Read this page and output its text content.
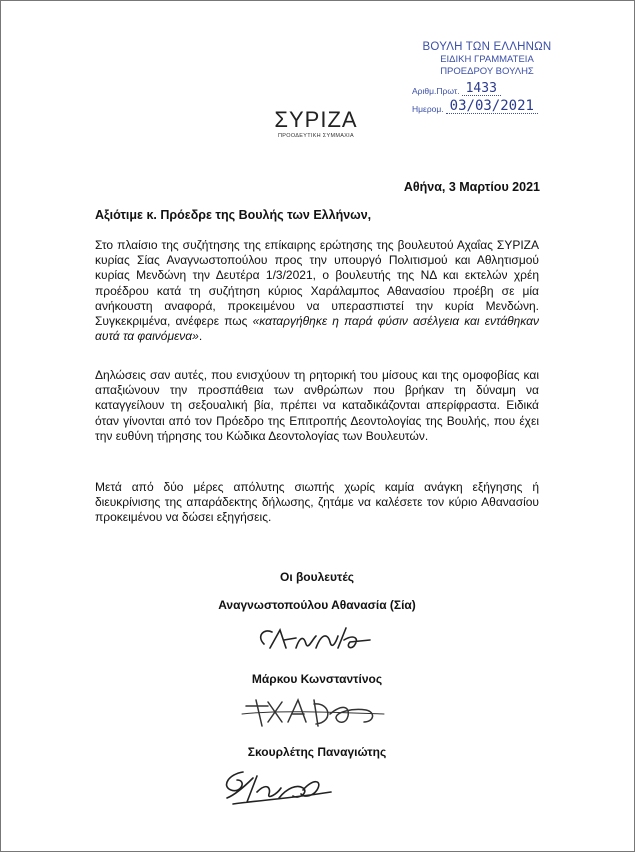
ΒΟΥΛΗ ΤΩΝ ΕΛΛΗΝΩΝ
ΕΙΔΙΚΗ ΓΡΑΜΜΑΤΕΙΑ
ΠΡΟΕΔΡΟΥ ΒΟΥΛΗΣ
Αριθμ.Πρωτ. 1433
Ημερομ. 03/03/2021
ΣΥΡΙΖΑ
ΠΡΟΟΔΕΥΤΙΚΗ ΣΥΜΜΑΧΙΑ
Αθήνα, 3 Μαρτίου 2021
Αξιότιμε κ. Πρόεδρε της Βουλής των Ελλήνων,
Στο πλαίσιο της συζήτησης της επίκαιρης ερώτησης της βουλευτού Αχαΐας ΣΥΡΙΖΑ κυρίας Σίας Αναγνωστοπούλου προς την υπουργό Πολιτισμού και Αθλητισμού κυρίας Μενδώνη την Δευτέρα 1/3/2021, ο βουλευτής της ΝΔ και εκτελών χρέη προέδρου κατά τη συζήτηση κύριος Χαράλαμπος Αθανασίου προέβη σε μία ανήκουστη αναφορά, προκειμένου να υπερασπιστεί την κυρία Μενδώνη. Συγκεκριμένα, ανέφερε πως «καταργήθηκε η παρά φύσιν ασέλγεια και εντάθηκαν αυτά τα φαινόμενα».
Δηλώσεις σαν αυτές, που ενισχύουν τη ρητορική του μίσους και της ομοφοβίας και απαξιώνουν την προσπάθεια των ανθρώπων που βρήκαν τη δύναμη να καταγγείλουν τη σεξουαλική βία, πρέπει να καταδικάζονται απερίφραστα. Ειδικά όταν γίνονται από τον Πρόεδρο της Επιτροπής Δεοντολογίας της Βουλής, που έχει την ευθύνη τήρησης του Κώδικα Δεοντολογίας των Βουλευτών.
Μετά από δύο μέρες απόλυτης σιωπής χωρίς καμία ανάγκη εξήγησης ή διευκρίνισης της απαράδεκτης δήλωσης, ζητάμε να καλέσετε τον κύριο Αθανασίου προκειμένου να δώσει εξηγήσεις.
Οι βουλευτές
Αναγνωστοπούλου Αθανασία (Σία)
Μάρκου Κωνσταντίνος
Σκουρλέτης Παναγιώτης
